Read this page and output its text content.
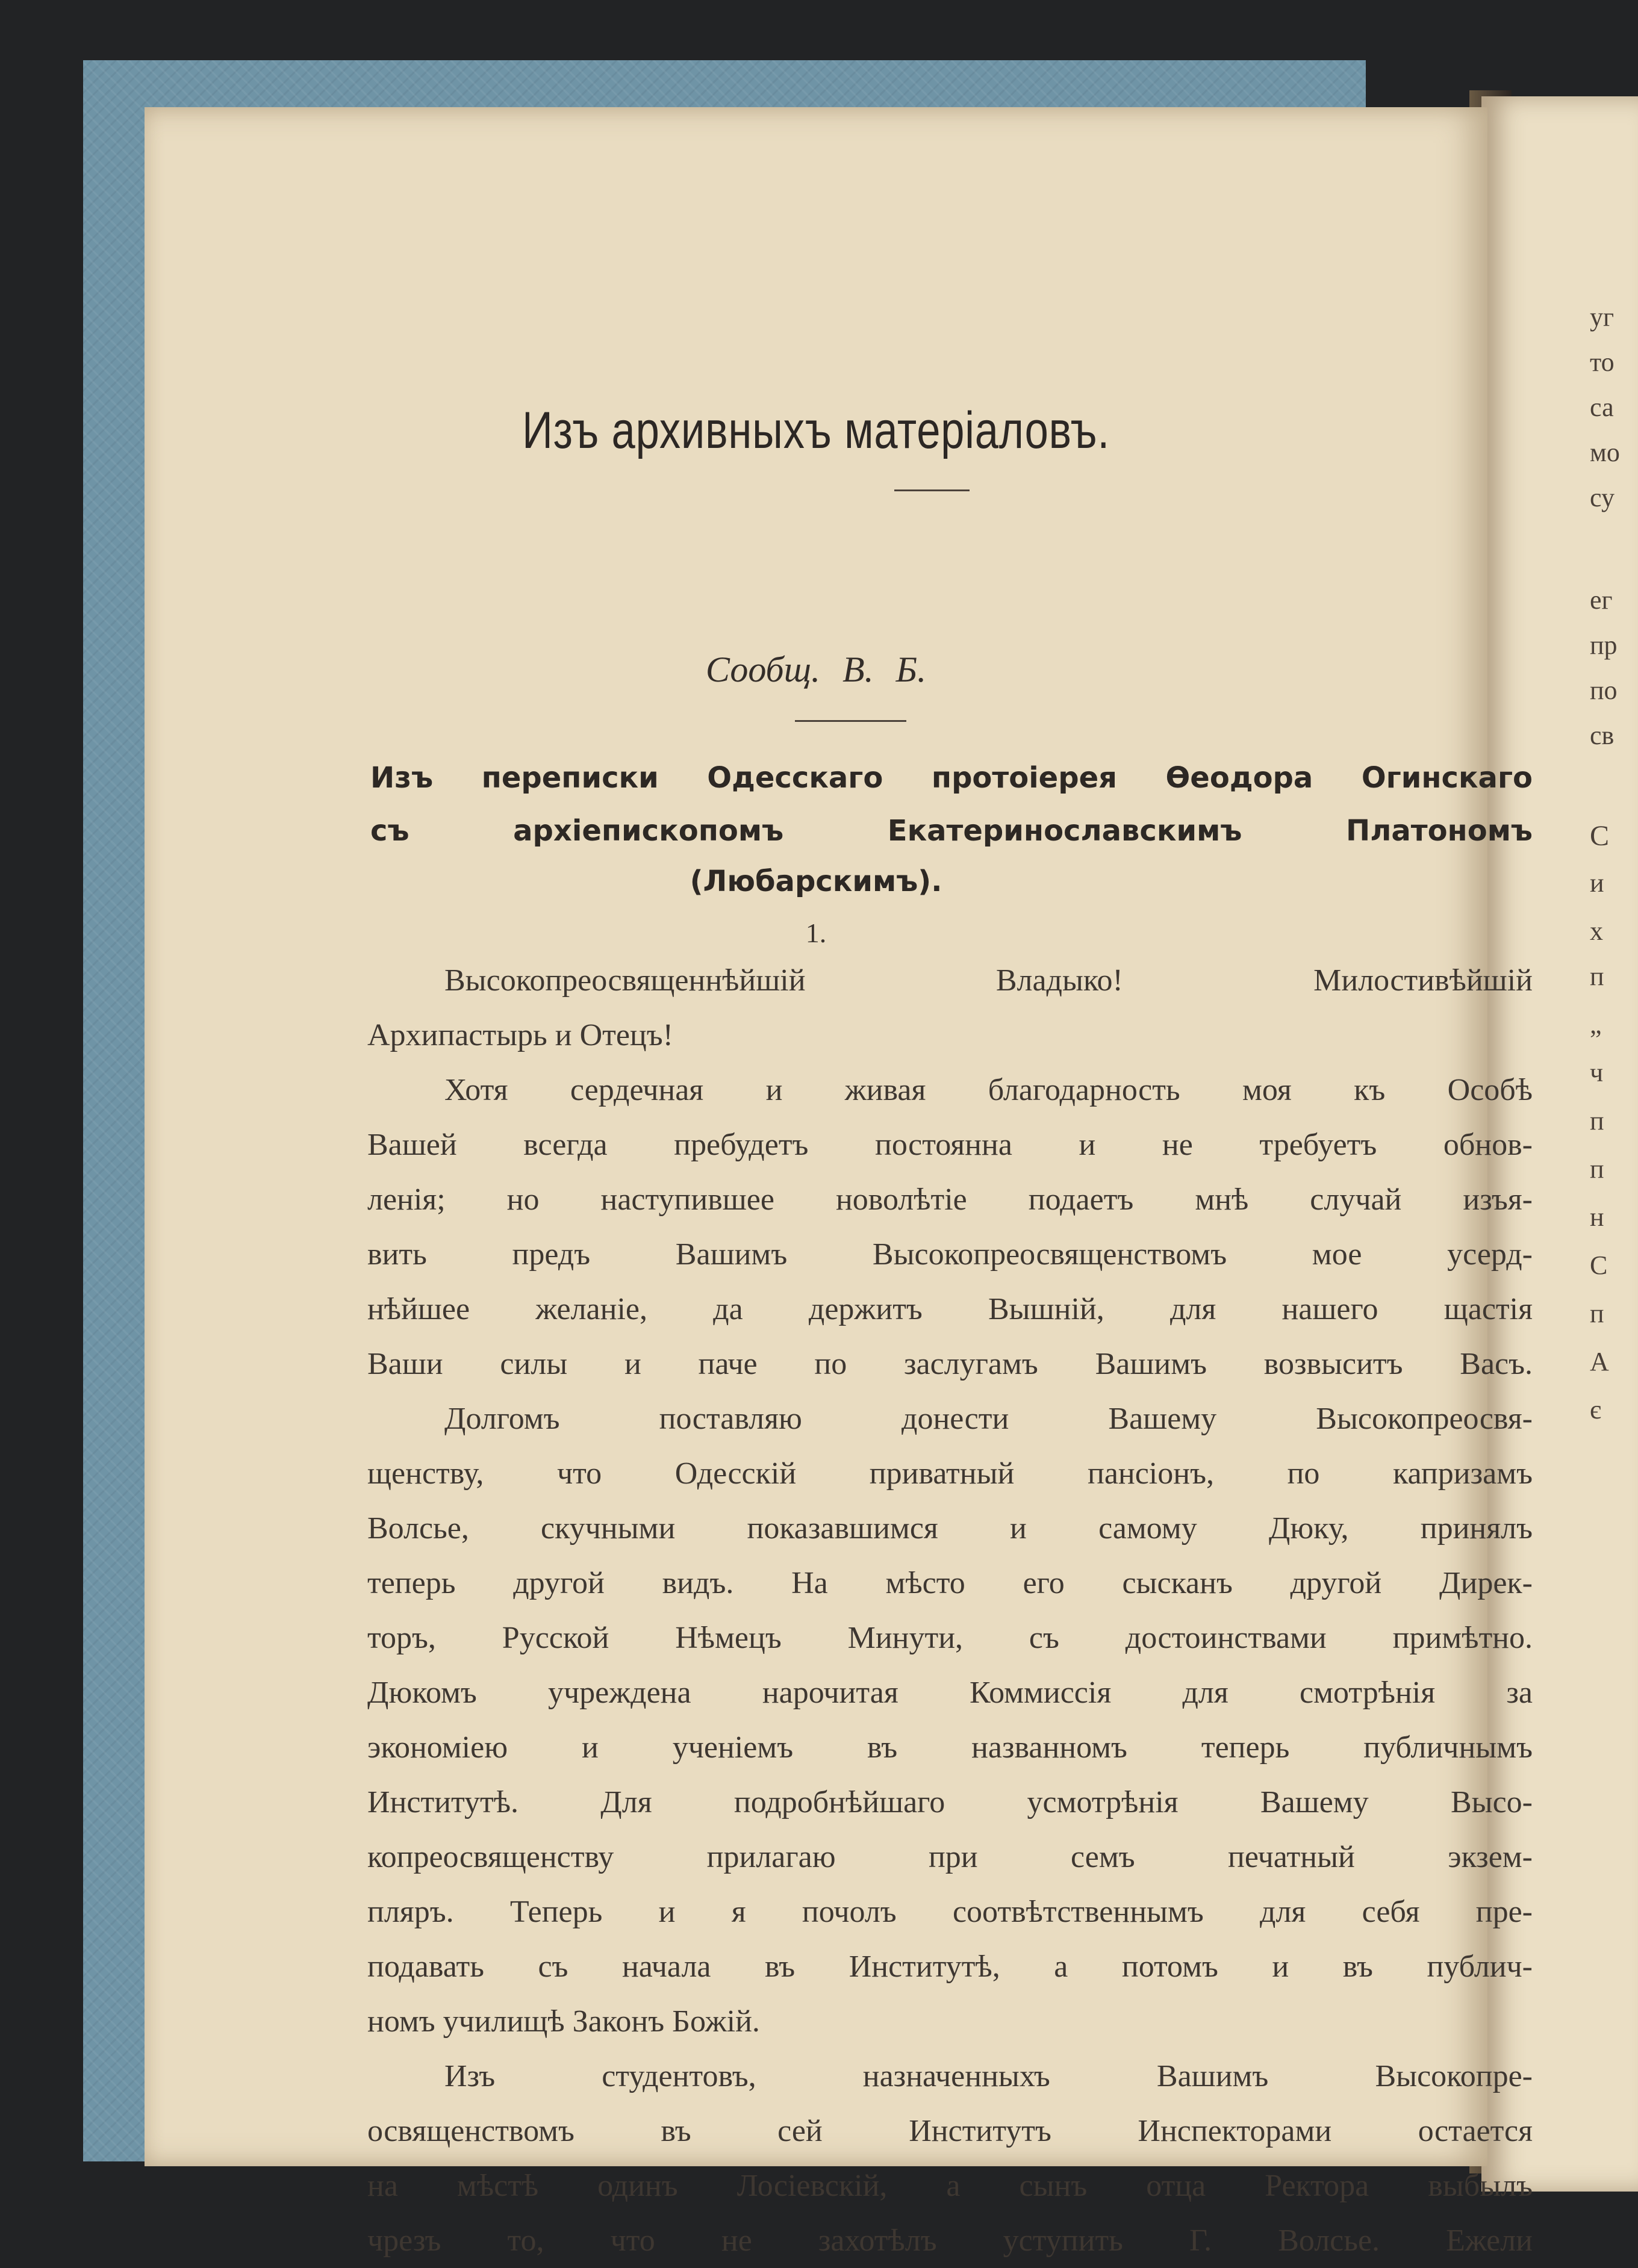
уг
то
са
мо
су
ег
пр
по
св
С
и
х
п
„
ч
п
п
н
С
п
А
є
Изъ архивныхъ матеріаловъ.
Сообщ. В. Б.
Изъ переписки Одесскаго протоіерея Өеодора Огинскаго
съ архіепископомъ Екатеринославскимъ Платономъ
(Любарскимъ).
1.
Высокопреосвященнѣйшій Владыко! Милостивѣйшій
Архипастырь и Отецъ!
Хотя сердечная и живая благодарность моя къ Особѣ
Вашей всегда пребудетъ постоянна и не требуетъ обнов-
ленія; но наступившее новолѣтіе подаетъ мнѣ случай изъя-
вить предъ Вашимъ Высокопреосвященствомъ мое усерд-
нѣйшее желаніе, да держитъ Вышній, для нашего щастія
Ваши силы и паче по заслугамъ Вашимъ возвыситъ Васъ.
Долгомъ поставляю донести Вашему Высокопреосвя-
щенству, что Одесскій приватный пансіонъ, по капризамъ
Волсье, скучными показавшимся и самому Дюку, принялъ
теперь другой видъ. На мѣсто его сысканъ другой Дирек-
торъ, Русской Нѣмецъ Минути, съ достоинствами примѣтно.
Дюкомъ учреждена нарочитая Коммиссія для смотрѣнія за
экономіею и ученіемъ въ названномъ теперь публичнымъ
Институтѣ. Для подробнѣйшаго усмотрѣнія Вашему Высо-
копреосвященству прилагаю при семъ печатный экзем-
пляръ. Теперь и я почолъ соотвѣтственнымъ для себя пре-
подавать съ начала въ Институтѣ, а потомъ и въ публич-
номъ училищѣ Законъ Божій.
Изъ студентовъ, назначенныхъ Вашимъ Высокопре-
освященствомъ въ сей Институтъ Инспекторами остается
на мѣстѣ одинъ Лосіевскій, а сынъ отца Ректора выбылъ
чрезъ то, что не захотѣлъ уступить Г. Волсье. Ежели
